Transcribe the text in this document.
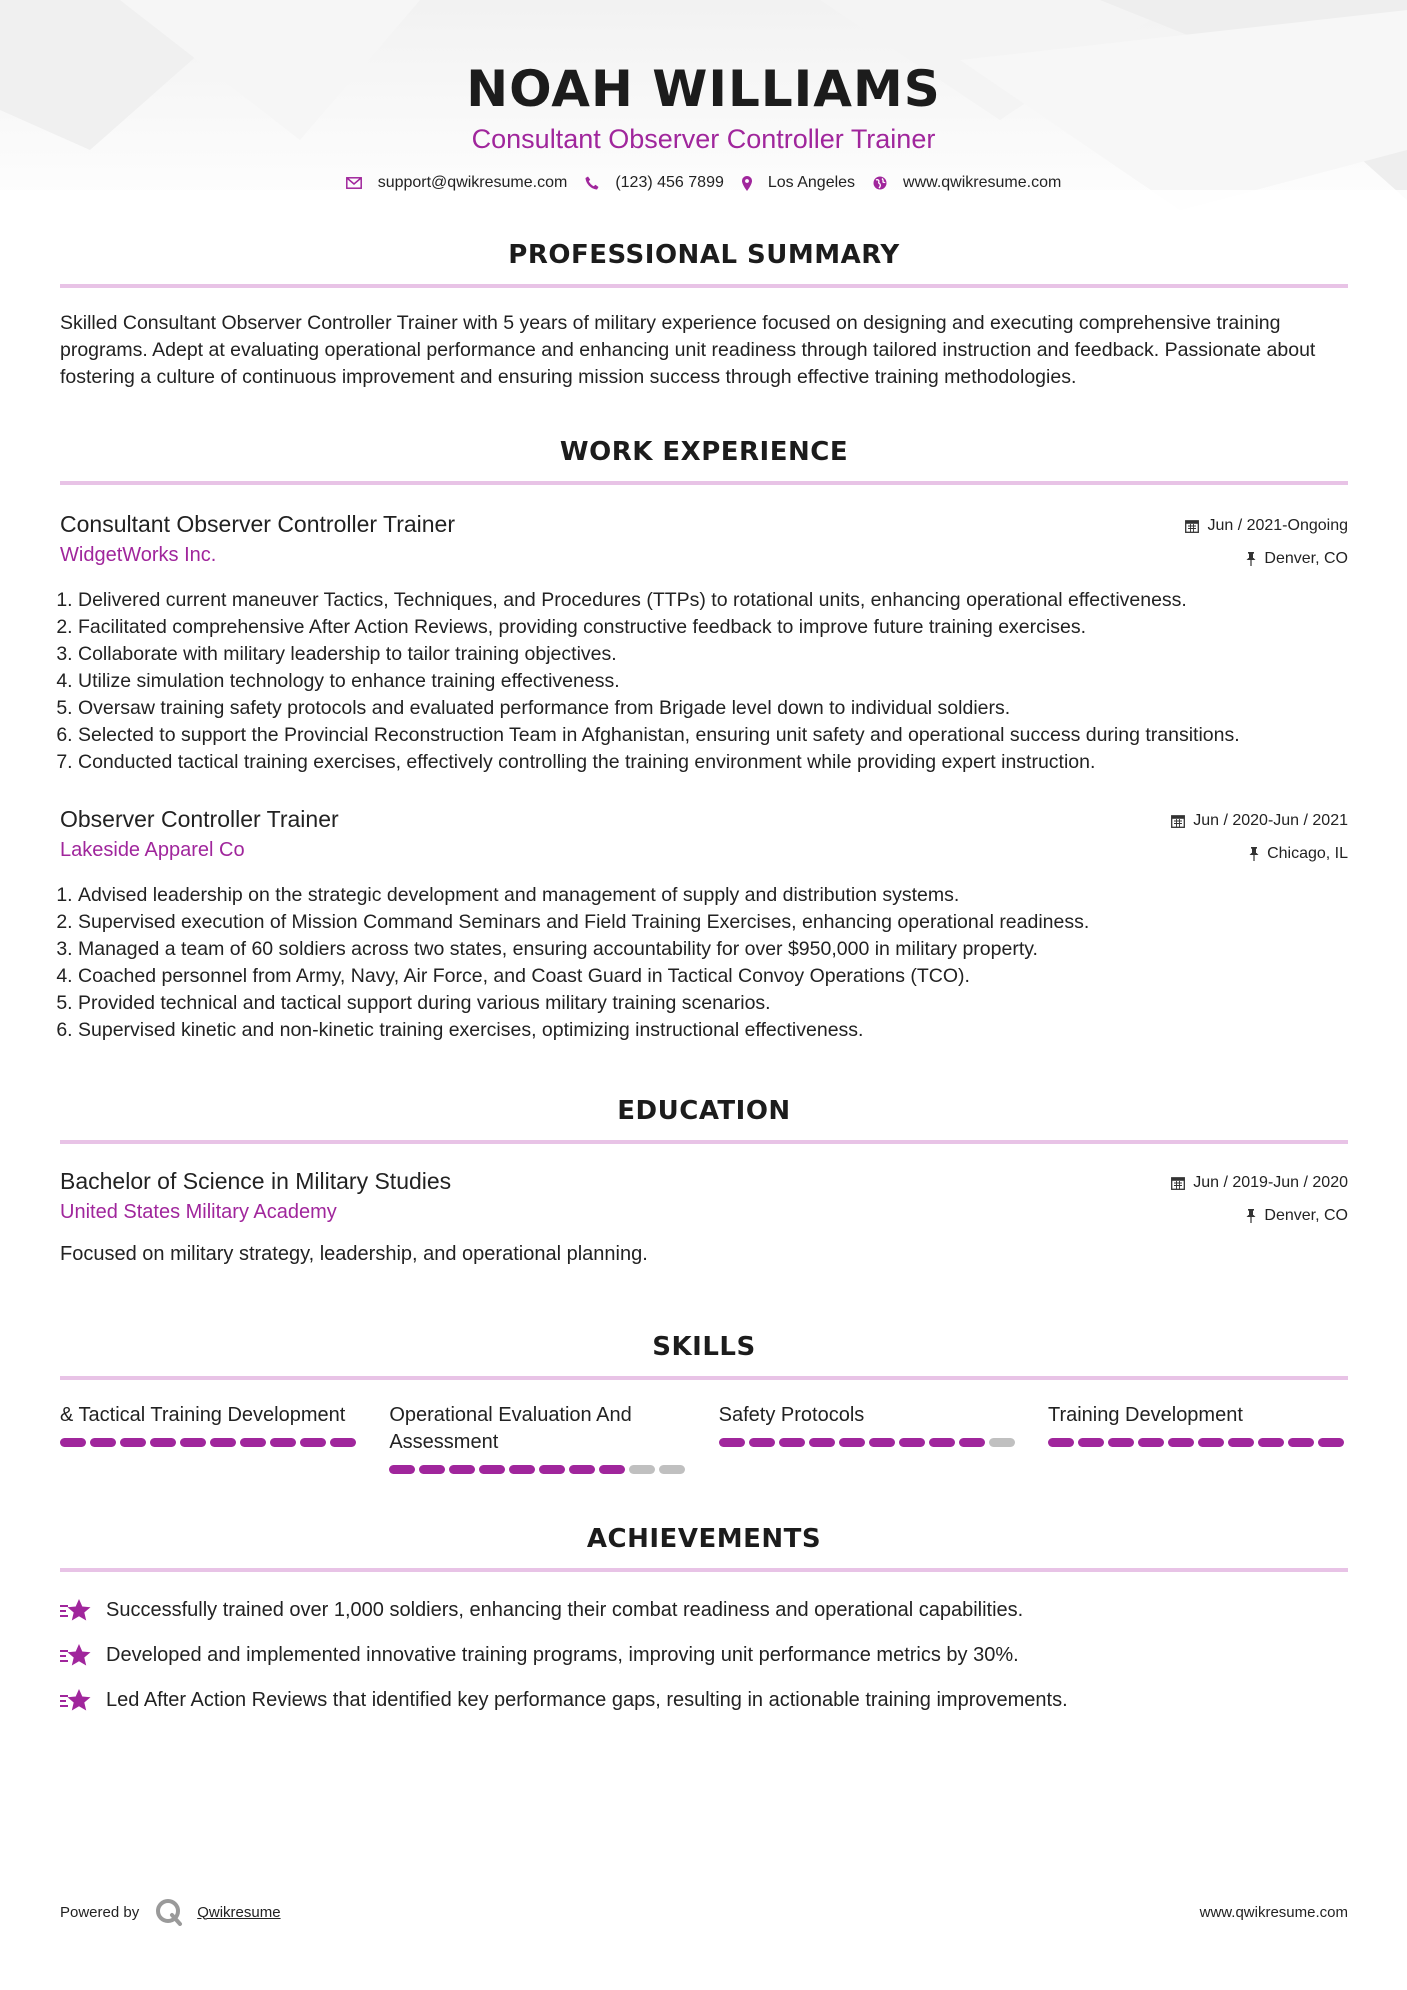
NOAH WILLIAMS
Consultant Observer Controller Trainer
support@qwikresume.com	(123) 456 7899	Los Angeles	www.qwikresume.com
PROFESSIONAL SUMMARY

Skilled Consultant Observer Controller Trainer with 5 years of military experience focused on designing and executing comprehensive training programs. Adept at evaluating operational performance and enhancing unit readiness through tailored instruction and feedback. Passionate about fostering a culture of continuous improvement and ensuring mission success through effective training methodologies.

WORK EXPERIENCE
Consultant Observer Controller Trainer
WidgetWorks Inc.
Jun / 2021-Ongoing
Denver, CO
1. Delivered current maneuver Tactics, Techniques, and Procedures (TTPs) to rotational units, enhancing operational effectiveness.
2. Facilitated comprehensive After Action Reviews, providing constructive feedback to improve future training exercises.
3. Collaborate with military leadership to tailor training objectives.
4. Utilize simulation technology to enhance training effectiveness.
5. Oversaw training safety protocols and evaluated performance from Brigade level down to individual soldiers.
6. Selected to support the Provincial Reconstruction Team in Afghanistan, ensuring unit safety and operational success during transitions.
7. Conducted tactical training exercises, effectively controlling the training environment while providing expert instruction.
Observer Controller Trainer
Lakeside Apparel Co
Jun / 2020-Jun / 2021
Chicago, IL
1. Advised leadership on the strategic development and management of supply and distribution systems.
2. Supervised execution of Mission Command Seminars and Field Training Exercises, enhancing operational readiness.
3. Managed a team of 60 soldiers across two states, ensuring accountability for over $950,000 in military property.
4. Coached personnel from Army, Navy, Air Force, and Coast Guard in Tactical Convoy Operations (TCO).
5. Provided technical and tactical support during various military training scenarios.
6. Supervised kinetic and non-kinetic training exercises, optimizing instructional effectiveness.
EDUCATION
Bachelor of Science in Military Studies
United States Military Academy
Jun / 2019-Jun / 2020
Denver, CO

Focused on military strategy, leadership, and operational planning.

SKILLS
& Tactical Training Development	Operational Evaluation And Assessment
Safety Protocols	Training Development
ACHIEVEMENTS
Successfully trained over 1,000 soldiers, enhancing their combat readiness and operational capabilities.
Developed and implemented innovative training programs, improving unit performance metrics by 30%.
Led After Action Reviews that identified key performance gaps, resulting in actionable training improvements.
Powered by	Qwikresume	www.qwikresume.com
